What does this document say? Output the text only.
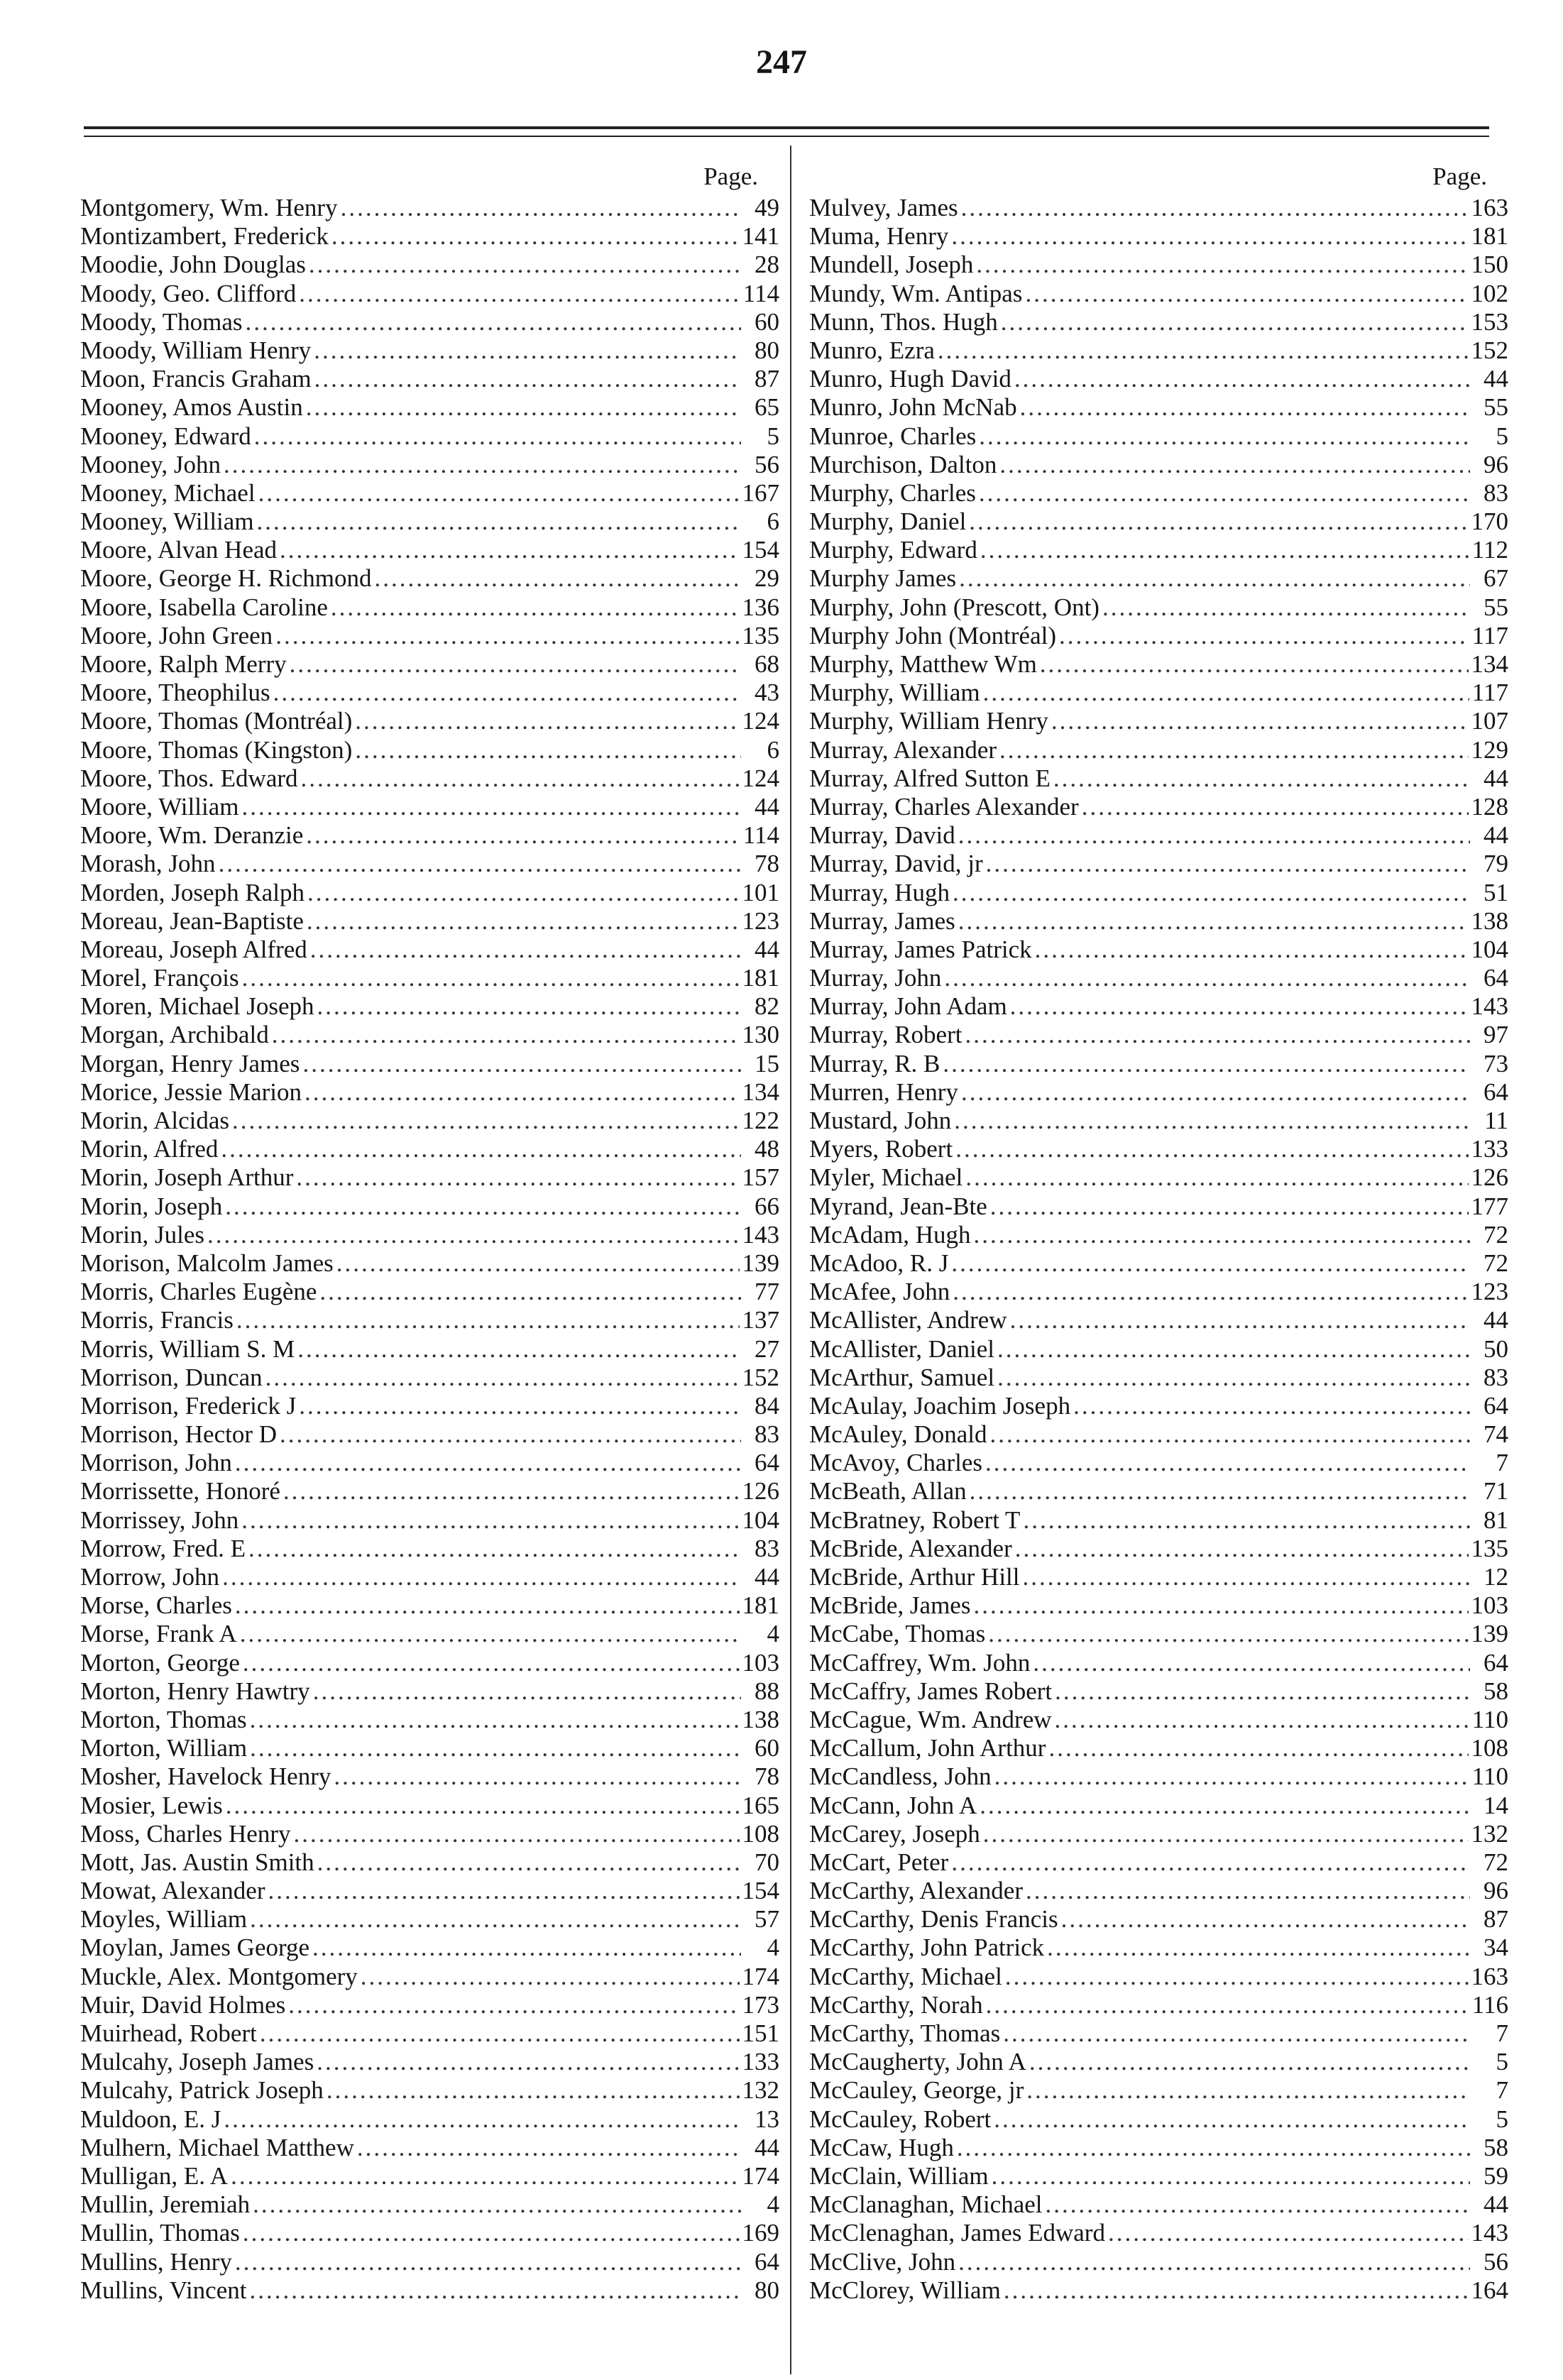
247
Page.
Montgomery, Wm. Henry .....	49
Montizambert, Frederick .....	141
Moodie, John Douglas .....	28
Moody, Geo. Clifford .....	114
Moody, Thomas .....	60
Moody, William Henry .....	80
Moon, Francis Graham .....	87
Mooney, Amos Austin .....	65
Mooney, Edward .....	5
Mooney, John .....	56
Mooney, Michael .....	167
Mooney, William .....	6
Moore, Alvan Head .....	154
Moore, George H. Richmond .....	29
Moore, Isabella Caroline .....	136
Moore, John Green .....	135
Moore, Ralph Merry .....	68
Moore, Theophilus .....	43
Moore, Thomas (Montréal) .....	124
Moore, Thomas (Kingston) .....	6
Moore, Thos. Edward .....	124
Moore, William .....	44
Moore, Wm. Deranzie .....	114
Morash, John .....	78
Morden, Joseph Ralph .....	101
Moreau, Jean-Baptiste .....	123
Moreau, Joseph Alfred .....	44
Morel, François .....	181
Moren, Michael Joseph .....	82
Morgan, Archibald .....	130
Morgan, Henry James .....	15
Morice, Jessie Marion .....	134
Morin, Alcidas .....	122
Morin, Alfred .....	48
Morin, Joseph Arthur .....	157
Morin, Joseph .....	66
Morin, Jules .....	143
Morison, Malcolm James .....	139
Morris, Charles Eugène .....	77
Morris, Francis .....	137
Morris, William S. M .....	27
Morrison, Duncan .....	152
Morrison, Frederick J .....	84
Morrison, Hector D .....	83
Morrison, John .....	64
Morrissette, Honoré .....	126
Morrissey, John .....	104
Morrow, Fred. E .....	83
Morrow, John .....	44
Morse, Charles .....	181
Morse, Frank A .....	4
Morton, George .....	103
Morton, Henry Hawtry .....	88
Morton, Thomas .....	138
Morton, William .....	60
Mosher, Havelock Henry .....	78
Mosier, Lewis .....	165
Moss, Charles Henry .....	108
Mott, Jas. Austin Smith .....	70
Mowat, Alexander .....	154
Moyles, William .....	57
Moylan, James George .....	4
Muckle, Alex. Montgomery .....	174
Muir, David Holmes .....	173
Muirhead, Robert .....	151
Mulcahy, Joseph James .....	133
Mulcahy, Patrick Joseph .....	132
Muldoon, E. J .....	13
Mulhern, Michael Matthew .....	44
Mulligan, E. A .....	174
Mullin, Jeremiah .....	4
Mullin, Thomas .....	169
Mullins, Henry .....	64
Mullins, Vincent .....	80
Page.
Mulvey, James .....	163
Muma, Henry .....	181
Mundell, Joseph .....	150
Mundy, Wm. Antipas .....	102
Munn, Thos. Hugh .....	153
Munro, Ezra .....	152
Munro, Hugh David .....	44
Munro, John McNab .....	55
Munroe, Charles .....	5
Murchison, Dalton .....	96
Murphy, Charles .....	83
Murphy, Daniel .....	170
Murphy, Edward .....	112
Murphy James .....	67
Murphy, John (Prescott, Ont) .....	55
Murphy John (Montréal) .....	117
Murphy, Matthew Wm .....	134
Murphy, William .....	117
Murphy, William Henry .....	107
Murray, Alexander .....	129
Murray, Alfred Sutton E .....	44
Murray, Charles Alexander .....	128
Murray, David .....	44
Murray, David, jr .....	79
Murray, Hugh .....	51
Murray, James .....	138
Murray, James Patrick .....	104
Murray, John .....	64
Murray, John Adam .....	143
Murray, Robert .....	97
Murray, R. B .....	73
Murren, Henry .....	64
Mustard, John .....	11
Myers, Robert .....	133
Myler, Michael .....	126
Myrand, Jean-Bte .....	177
McAdam, Hugh .....	72
McAdoo, R. J .....	72
McAfee, John .....	123
McAllister, Andrew .....	44
McAllister, Daniel .....	50
McArthur, Samuel .....	83
McAulay, Joachim Joseph .....	64
McAuley, Donald .....	74
McAvoy, Charles .....	7
McBeath, Allan .....	71
McBratney, Robert T .....	81
McBride, Alexander .....	135
McBride, Arthur Hill .....	12
McBride, James .....	103
McCabe, Thomas .....	139
McCaffrey, Wm. John .....	64
McCaffry, James Robert .....	58
McCague, Wm. Andrew .....	110
McCallum, John Arthur .....	108
McCandless, John .....	110
McCann, John A .....	14
McCarey, Joseph .....	132
McCart, Peter .....	72
McCarthy, Alexander .....	96
McCarthy, Denis Francis .....	87
McCarthy, John Patrick .....	34
McCarthy, Michael .....	163
McCarthy, Norah .....	116
McCarthy, Thomas .....	7
McCaugherty, John A .....	5
McCauley, George, jr .....	7
McCauley, Robert .....	5
McCaw, Hugh .....	58
McClain, William .....	59
McClanaghan, Michael .....	44
McClenaghan, James Edward .....	143
McClive, John .....	56
McClorey, William .....	164
